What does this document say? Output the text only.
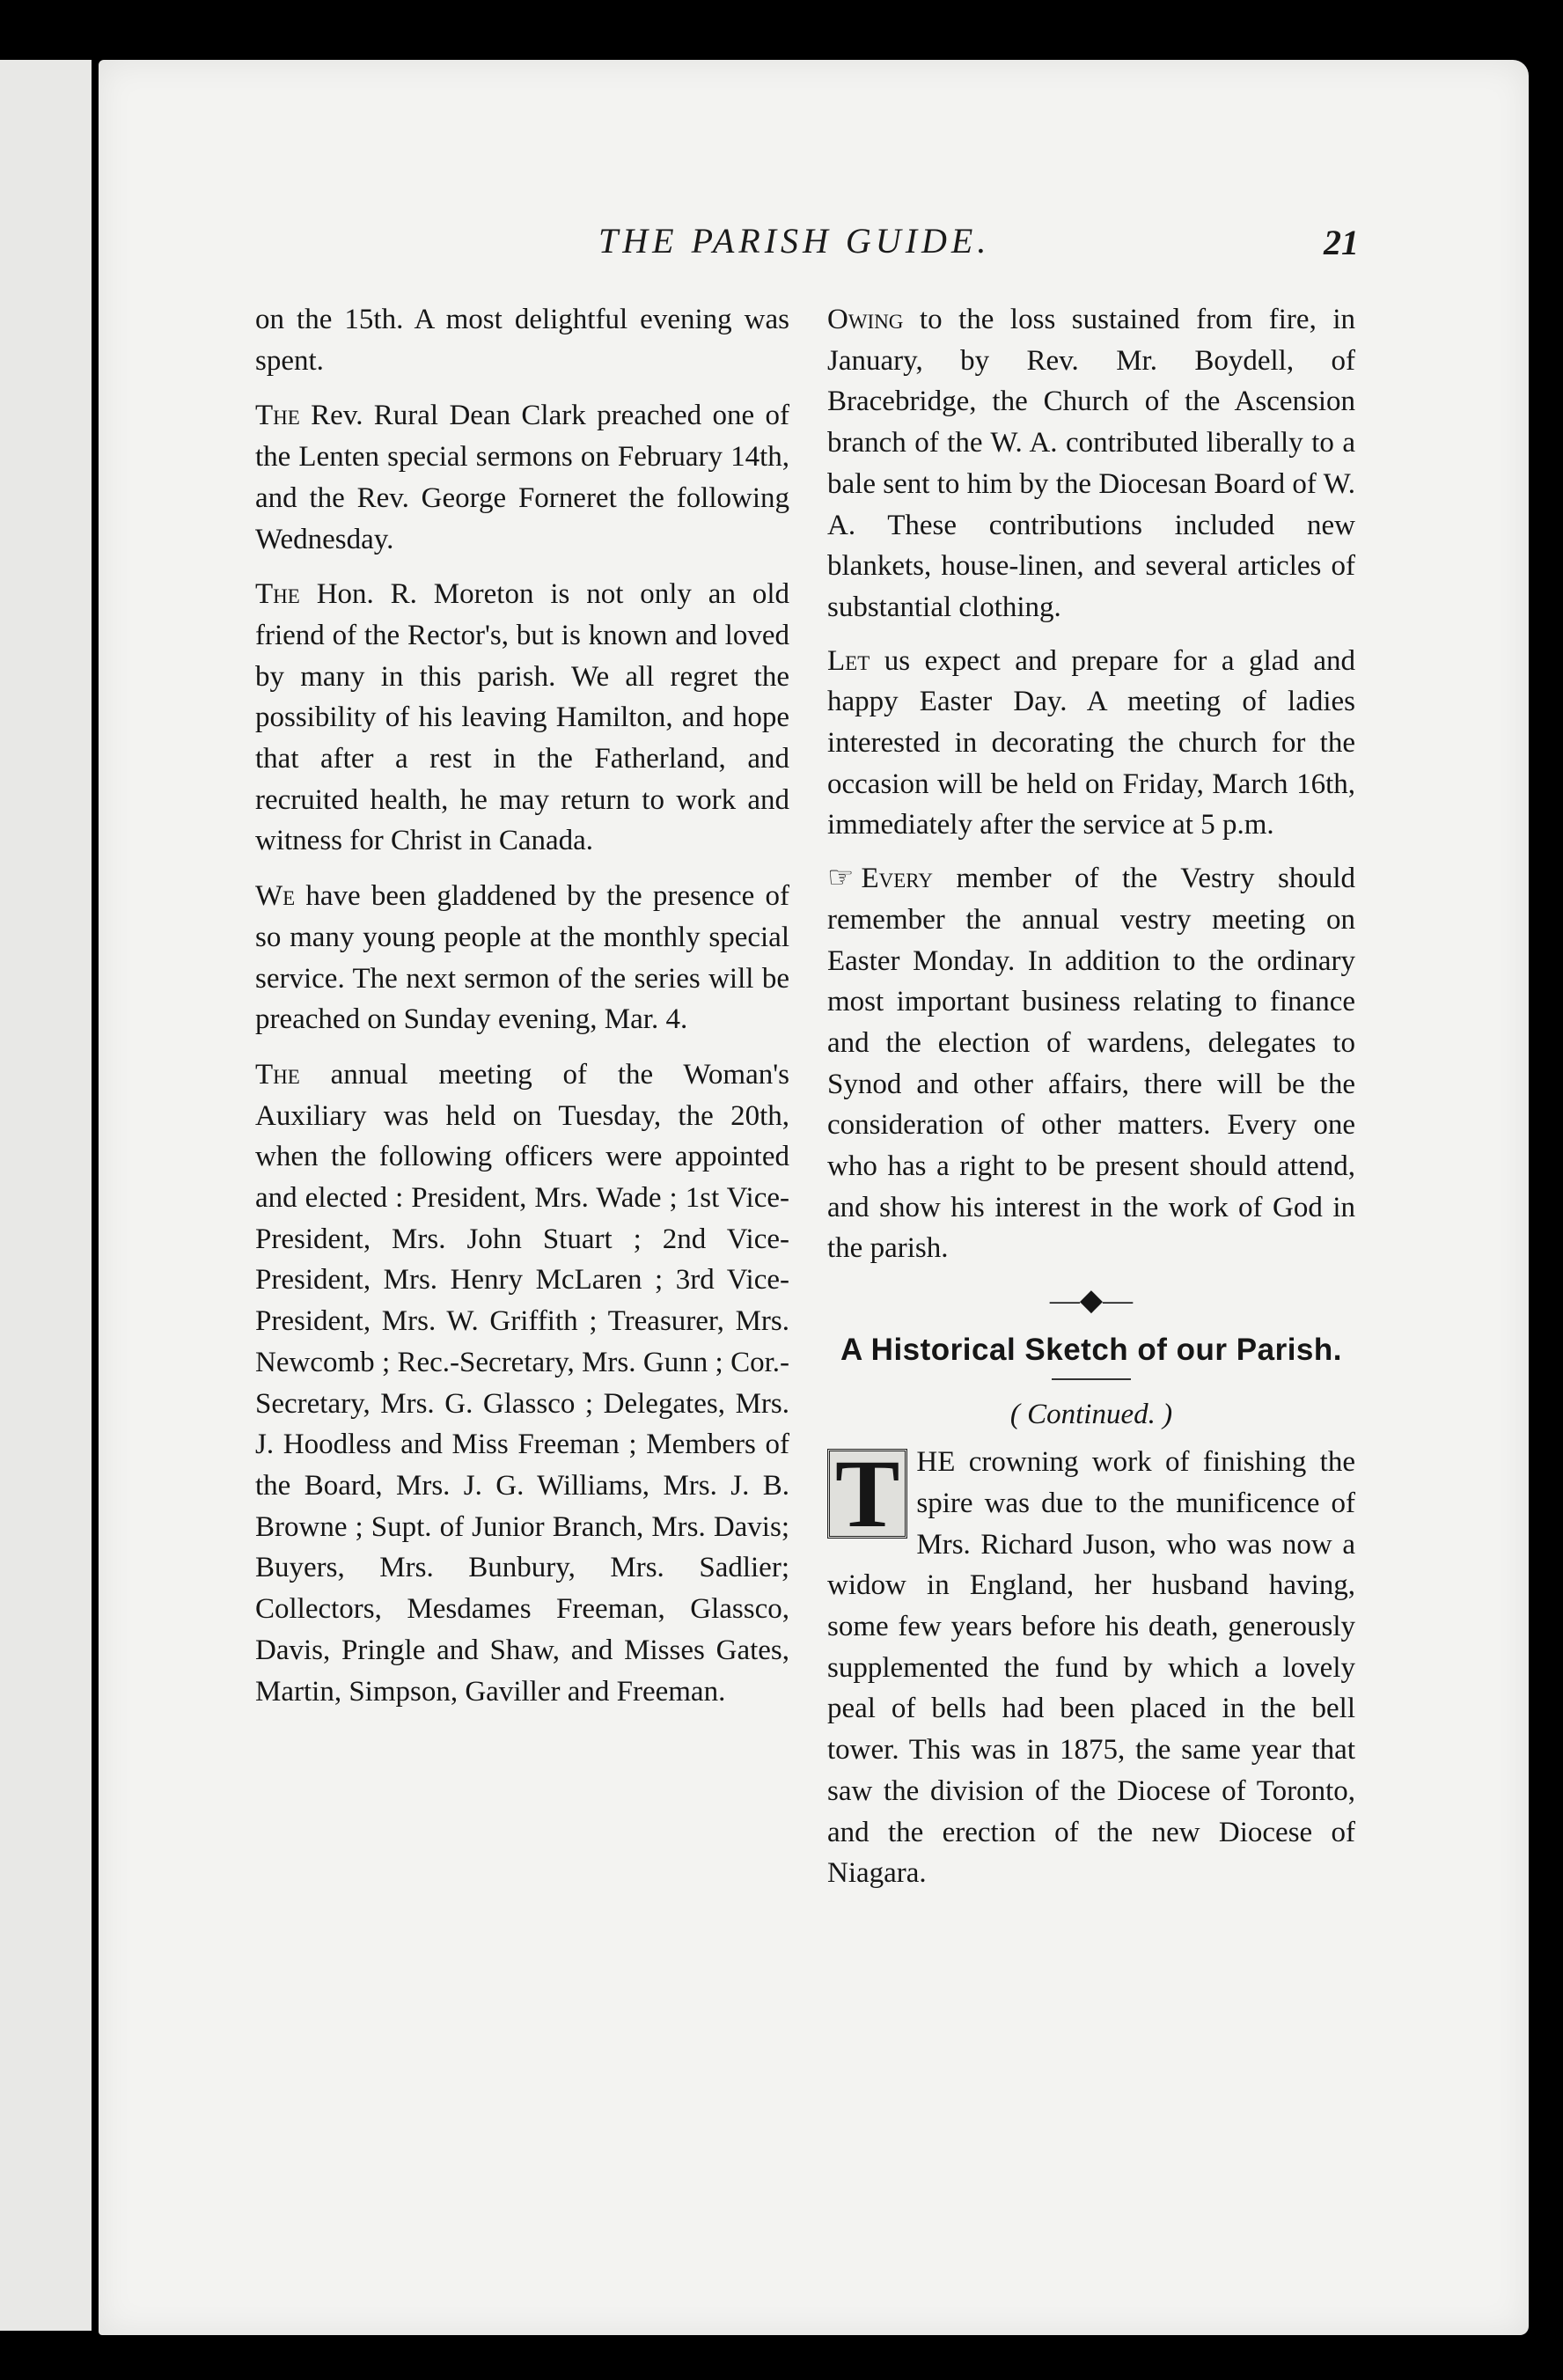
THE PARISH GUIDE.	21

on the 15th. A most delightful evening was spent.

The Rev. Rural Dean Clark preached one of the Lenten special sermons on February 14th, and the Rev. George Forneret the following Wednesday.

The Hon. R. Moreton is not only an old friend of the Rector's, but is known and loved by many in this parish. We all regret the possibility of his leaving Hamilton, and hope that after a rest in the Fatherland, and recruited health, he may return to work and witness for Christ in Canada.

We have been gladdened by the presence of so many young people at the monthly special service. The next sermon of the series will be preached on Sunday evening, Mar. 4.

The annual meeting of the Woman's Auxiliary was held on Tuesday, the 20th, when the following officers were appointed and elected : President, Mrs. Wade ; 1st Vice-President, Mrs. John Stuart ; 2nd Vice-President, Mrs. Henry McLaren ; 3rd Vice-President, Mrs. W. Griffith ; Treasurer, Mrs. Newcomb ; Rec.-Secretary, Mrs. Gunn ; Cor.-Secretary, Mrs. G. Glassco ; Delegates, Mrs. J. Hoodless and Miss Freeman ; Members of the Board, Mrs. J. G. Williams, Mrs. J. B. Browne ; Supt. of Junior Branch, Mrs. Davis; Buyers, Mrs. Bunbury, Mrs. Sadlier; Collectors, Mesdames Freeman, Glassco, Davis, Pringle and Shaw, and Misses Gates, Martin, Simpson, Gaviller and Freeman.

Owing to the loss sustained from fire, in January, by Rev. Mr. Boydell, of Bracebridge, the Church of the Ascension branch of the W. A. contributed liberally to a bale sent to him by the Diocesan Board of W. A. These contributions included new blankets, house-linen, and several articles of substantial clothing.

Let us expect and prepare for a glad and happy Easter Day. A meeting of ladies interested in decorating the church for the occasion will be held on Friday, March 16th, immediately after the service at 5 p.m.

☞ Every member of the Vestry should remember the annual vestry meeting on Easter Monday. In addition to the ordinary most important business relating to finance and the election of wardens, delegates to Synod and other affairs, there will be the consideration of other matters. Every one who has a right to be present should attend, and show his interest in the work of God in the parish.

—◆—
A Historical Sketch of our Parish.
( Continued. )

T HE crowning work of finishing the spire was due to the munificence of Mrs. Richard Juson, who was now a widow in England, her husband having, some few years before his death, generously supplemented the fund by which a lovely peal of bells had been placed in the bell tower. This was in 1875, the same year that saw the division of the Diocese of Toronto, and the erection of the new Diocese of Niagara.
